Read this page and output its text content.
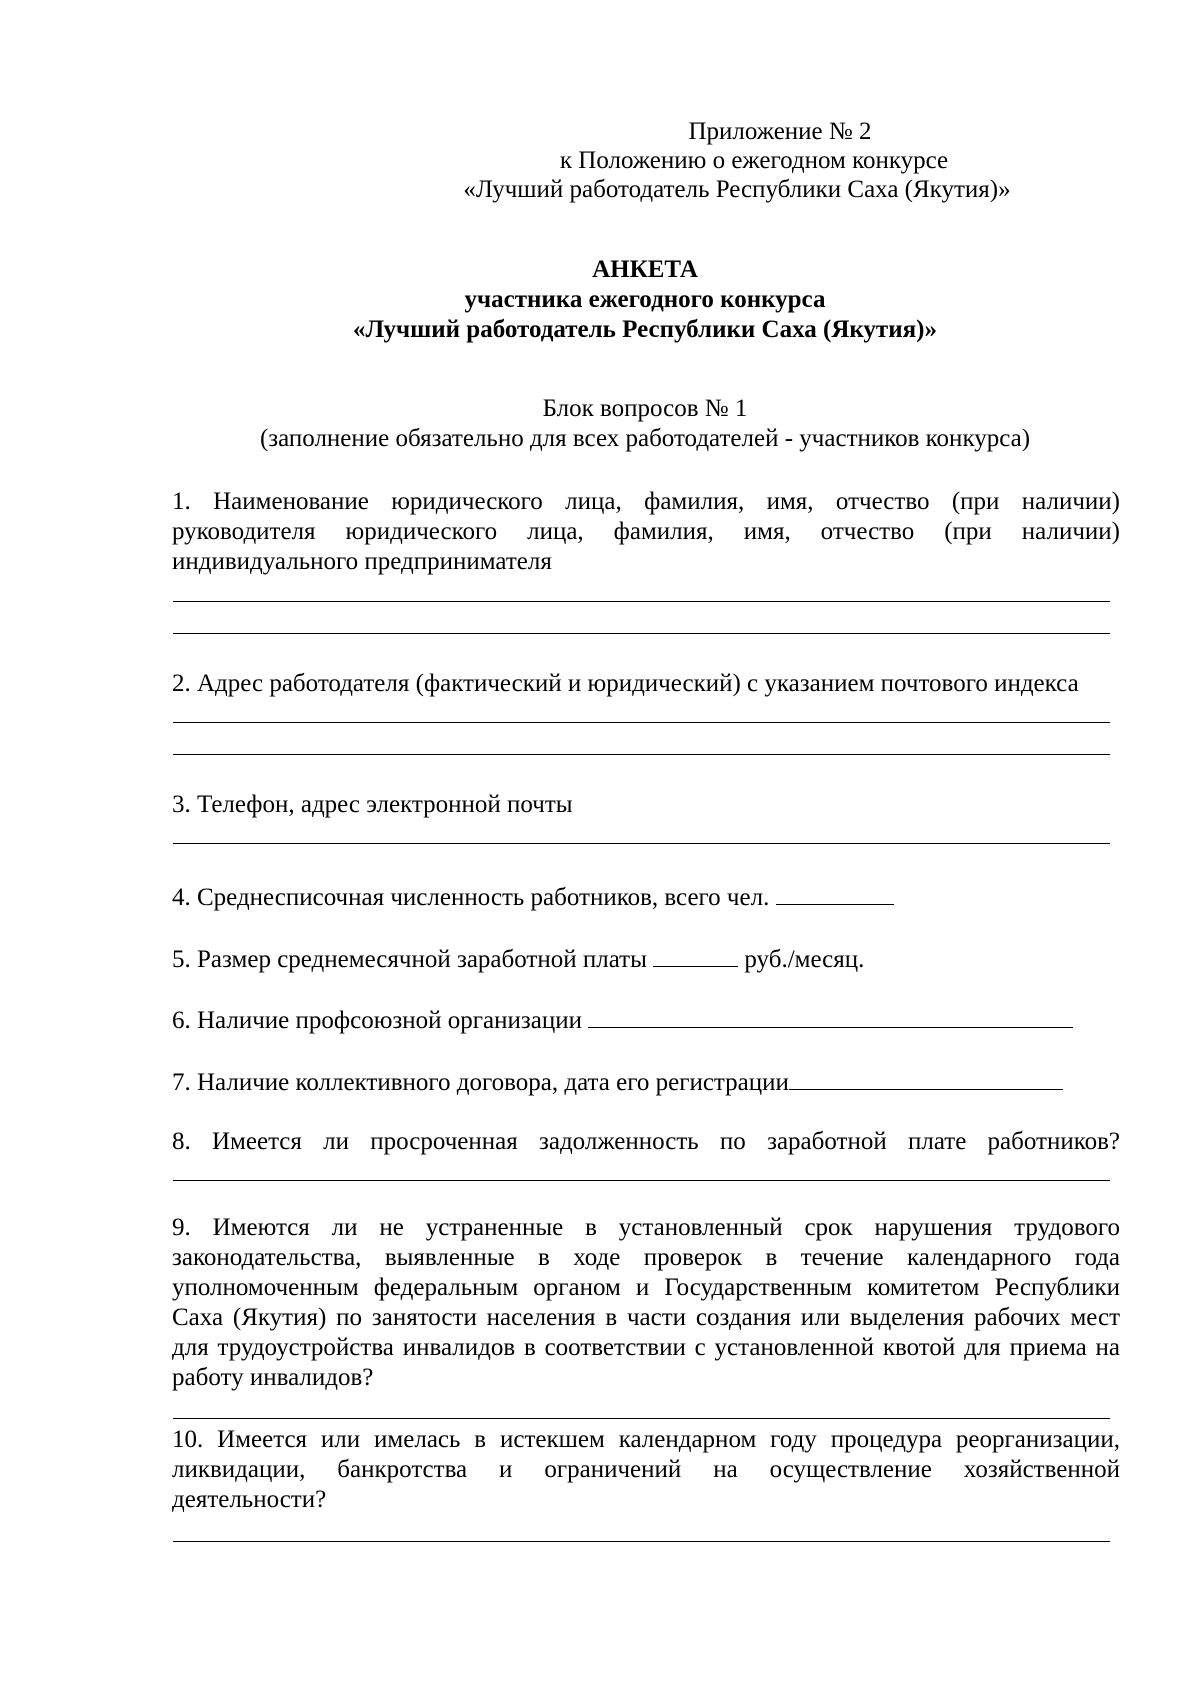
Приложение № 2
к Положению о ежегодном конкурсе
«Лучший работодатель Республики Саха (Якутия)»
АНКЕТА
участника ежегодного конкурса
«Лучший работодатель Республики Саха (Якутия)»
Блок вопросов № 1
(заполнение обязательно для всех работодателей - участников конкурса)
1. Наименование юридического лица, фамилия, имя, отчество (при наличии) руководителя юридического лица, фамилия, имя, отчество (при наличии) индивидуального предпринимателя
2. Адрес работодателя (фактический и юридический) с указанием почтового индекса
3. Телефон, адрес электронной почты
4. Среднесписочная численность работников, всего чел.
5. Размер среднемесячной заработной платы	руб./месяц.
6. Наличие профсоюзной организации
7. Наличие коллективного договора, дата его регистрации
8. Имеется ли просроченная задолженность по заработной плате работников?
9. Имеются ли не устраненные в установленный срок нарушения трудового законодательства, выявленные в ходе проверок в течение календарного года уполномоченным федеральным органом и Государственным комитетом Республики Саха (Якутия) по занятости населения в части создания или выделения рабочих мест для трудоустройства инвалидов в соответствии с установленной квотой для приема на работу инвалидов?
10. Имеется или имелась в истекшем календарном году процедура реорганизации, ликвидации, банкротства и ограничений на осуществление хозяйственной деятельности?
